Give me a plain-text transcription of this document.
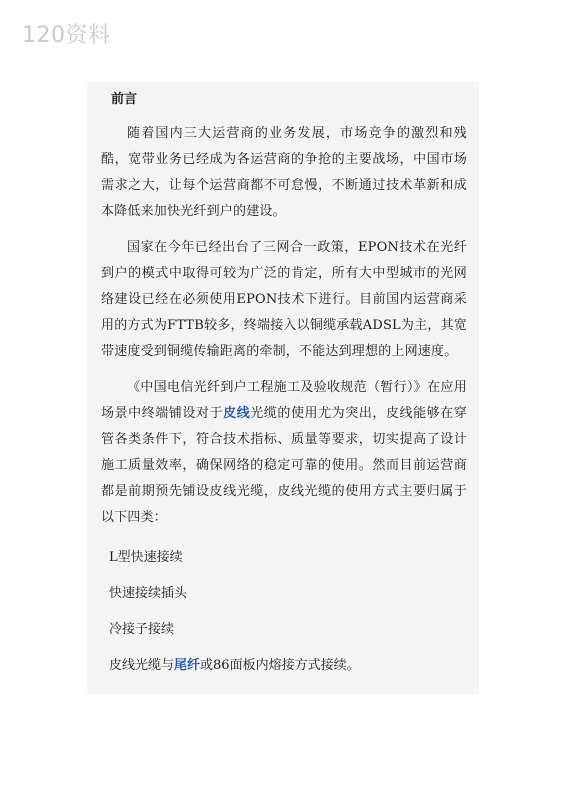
120资料
前言

随着国内三大运营商的业务发展，市场竞争的激烈和残酷，宽带业务已经成为各运营商的争抢的主要战场，中国市场需求之大，让每个运营商都不可怠慢，不断通过技术革新和成本降低来加快光纤到户的建设。

国家在今年已经出台了三网合一政策，EPON技术在光纤到户的模式中取得可较为广泛的肯定，所有大中型城市的光网络建设已经在必须使用EPON技术下进行。目前国内运营商采用的方式为FTTB较多，终端接入以铜缆承载ADSL为主，其宽带速度受到铜缆传输距离的牵制，不能达到理想的上网速度。

《中国电信光纤到户工程施工及验收规范（暂行）》在应用场景中终端铺设对于皮线光缆的使用尤为突出，皮线能够在穿管各类条件下，符合技术指标、质量等要求，切实提高了设计施工质量效率，确保网络的稳定可靠的使用。然而目前运营商都是前期预先铺设皮线光缆，皮线光缆的使用方式主要归属于以下四类：

L型快速接续
快速接续插头
冷接子接续
皮线光缆与尾纤或86面板内熔接方式接续。
